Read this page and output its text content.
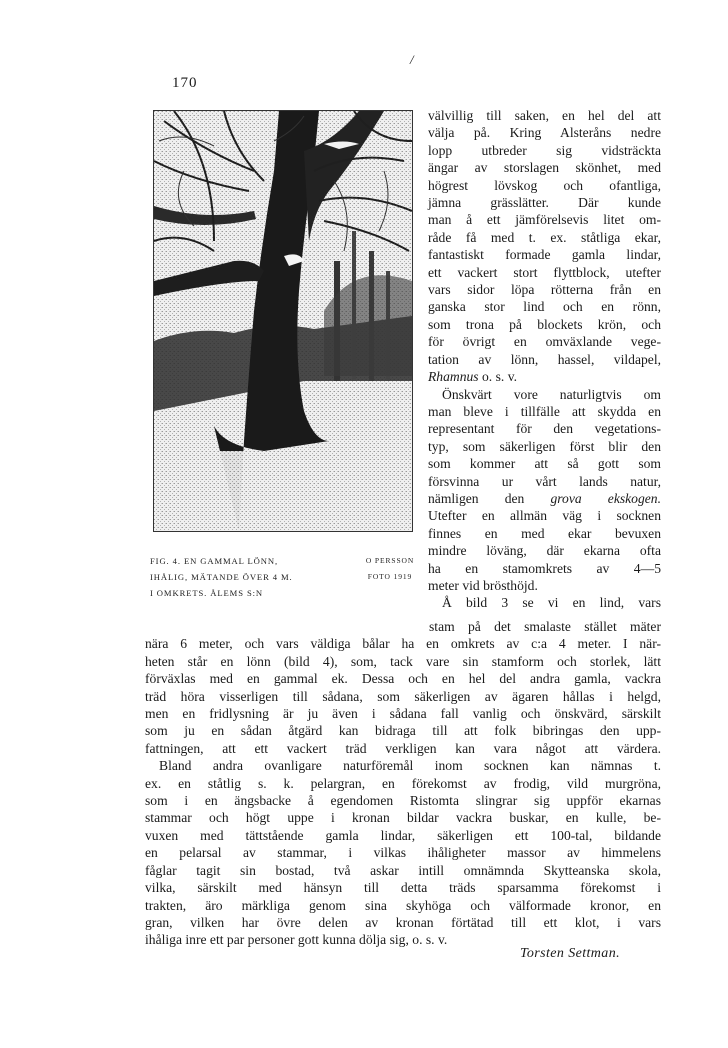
/
170
FIG. 4. EN GAMMAL LÖNN,
IHÅLIG, MÄTANDE ÖVER 4 M.
I OMKRETS. ÅLEMS S:N
O PERSSON
FOTO 1919

välvillig till saken, en hel del att
välja på. Kring Alsteråns nedre
lopp utbreder sig vidsträckta
ängar av storslagen skönhet, med
högrest lövskog och ofantliga,
jämna grässlätter. Där kunde
man å ett jämförelsevis litet om-
råde få med t. ex. ståtliga ekar,
fantastiskt formade gamla lindar,
ett vackert stort flyttblock, utefter
vars sidor löpa rötterna från en
ganska stor lind och en rönn,
som trona på blockets krön, och
för övrigt en omväxlande vege-
tation av lönn, hassel, vildapel,
Rhamnus o. s. v.

Önskvärt vore naturligtvis om
man bleve i tillfälle att skydda en
representant för den vegetations-
typ, som säkerligen först blir den
som kommer att så gott som
försvinna ur vårt lands natur,
nämligen den grova ekskogen.
Utefter en allmän väg i socknen
finnes en med ekar bevuxen
mindre löväng, där ekarna ofta
ha en stamomkrets av 4—5
meter vid brösthöjd.

Å bild 3 se vi en lind, vars

stam på det smalaste stället mäter
nära 6 meter, och vars väldiga bålar ha en omkrets av c:a 4 meter. I när-
heten står en lönn (bild 4), som, tack vare sin stamform och storlek, lätt
förväxlas med en gammal ek. Dessa och en hel del andra gamla, vackra
träd höra visserligen till sådana, som säkerligen av ägaren hållas i helgd,
men en fridlysning är ju även i sådana fall vanlig och önskvärd, särskilt
som ju en sådan åtgärd kan bidraga till att folk bibringas den upp-
fattningen, att ett vackert träd verkligen kan vara något att värdera.

Bland andra ovanligare naturföremål inom socknen kan nämnas t.
ex. en ståtlig s. k. pelargran, en förekomst av frodig, vild murgröna,
som i en ängsbacke å egendomen Ristomta slingrar sig uppför ekarnas
stammar och högt uppe i kronan bildar vackra buskar, en kulle, be-
vuxen med tättstående gamla lindar, säkerligen ett 100-tal, bildande
en pelarsal av stammar, i vilkas ihåligheter massor av himmelens
fåglar tagit sin bostad, två askar intill omnämnda Skytteanska skola,
vilka, särskilt med hänsyn till detta träds sparsamma förekomst i
trakten, äro märkliga genom sina skyhöga och välformade kronor, en
gran, vilken har övre delen av kronan förtätad till ett klot, i vars
ihåliga inre ett par personer gott kunna dölja sig, o. s. v.

Torsten Settman.
